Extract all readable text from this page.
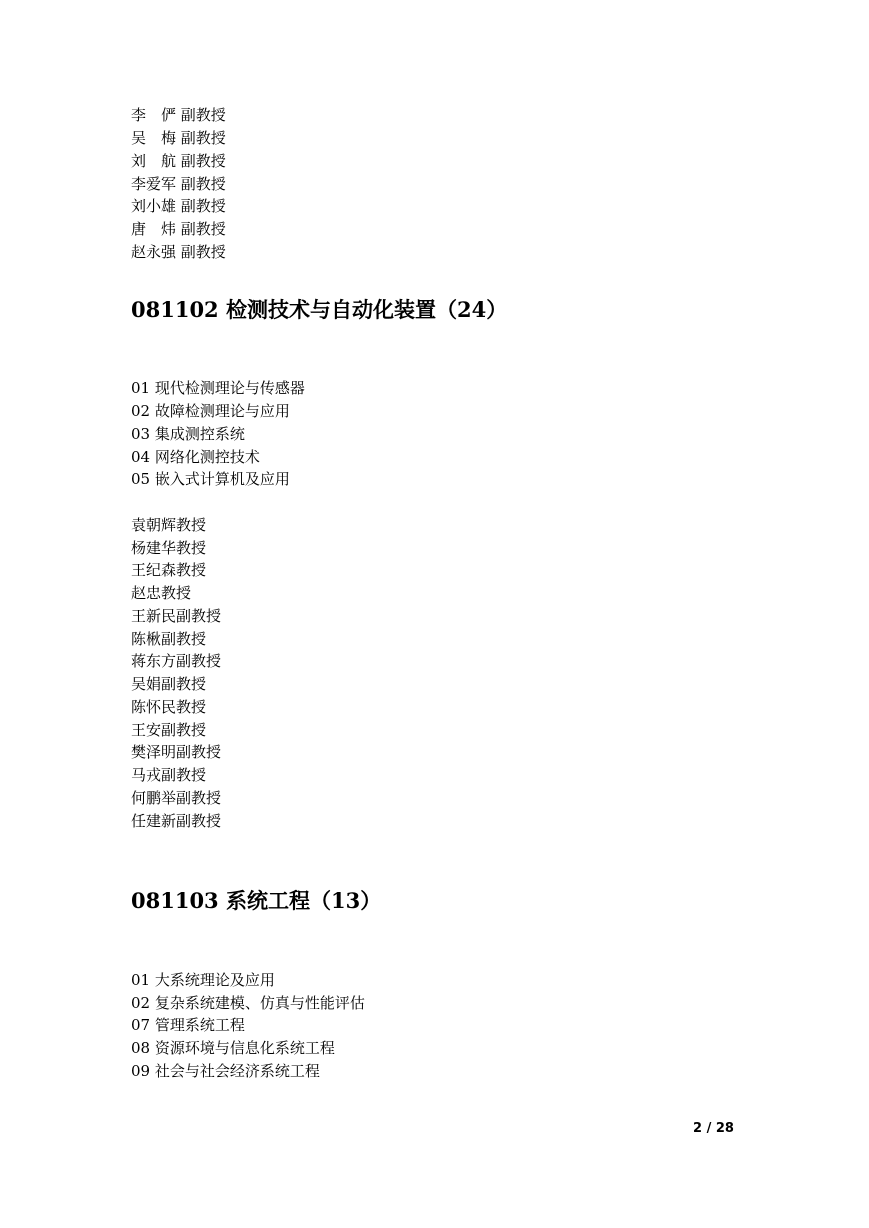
李　俨 副教授
吴　梅 副教授
刘　航 副教授
李爱军 副教授
刘小雄 副教授
唐　炜 副教授
赵永强 副教授
081102 检测技术与自动化装置（24）
01 现代检测理论与传感器
02 故障检测理论与应用
03 集成测控系统
04 网络化测控技术
05 嵌入式计算机及应用
袁朝辉教授
杨建华教授
王纪森教授
赵忠教授
王新民副教授
陈楸副教授
蒋东方副教授
吴娟副教授
陈怀民教授
王安副教授
樊泽明副教授
马戎副教授
何鹏举副教授
任建新副教授
081103 系统工程（13）
01 大系统理论及应用
02 复杂系统建模、仿真与性能评估
07 管理系统工程
08 资源环境与信息化系统工程
09 社会与社会经济系统工程
2 / 28
